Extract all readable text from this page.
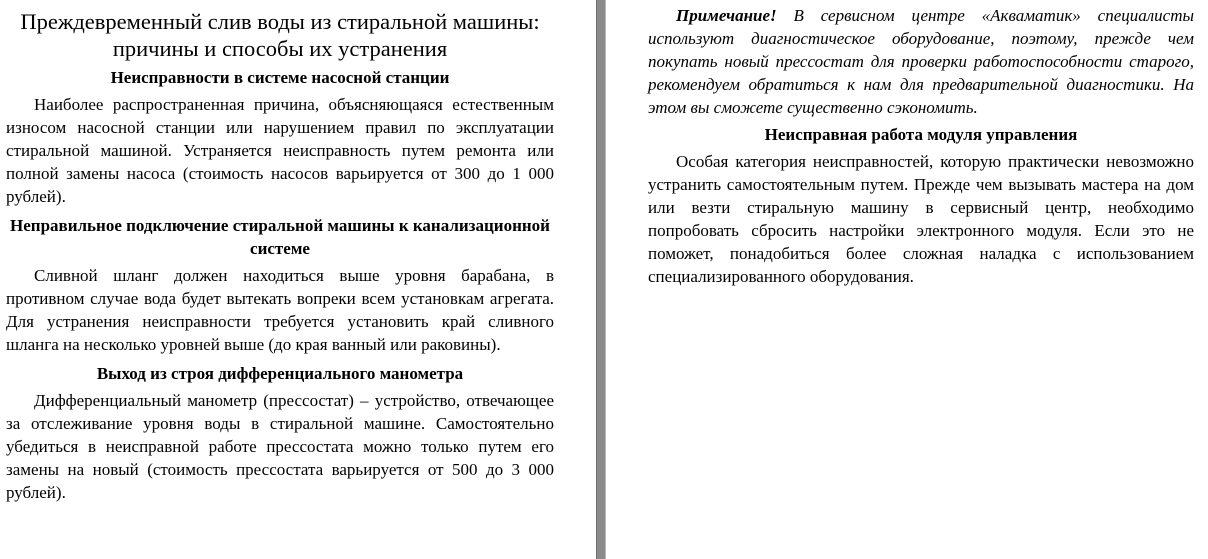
Преждевременный слив воды из стиральной машины: причины и способы их устранения
Неисправности в системе насосной станции

Наиболее распространенная причина, объясняющаяся естественным износом насосной станции или нарушением правил по эксплуатации стиральной машиной. Устраняется неисправность путем ремонта или полной замены насоса (стоимость насосов варьируется от 300 до 1 000 рублей).

Неправильное подключение стиральной машины к канализационной системе

Сливной шланг должен находиться выше уровня барабана, в противном случае вода будет вытекать вопреки всем установкам агрегата. Для устранения неисправности требуется установить край сливного шланга на несколько уровней выше (до края ванный или раковины).

Выход из строя дифференциального манометра

Дифференциальный манометр (прессостат) – устройство, отвечающее за отслеживание уровня воды в стиральной машине. Самостоятельно убедиться в неисправной работе прессостата можно только путем его замены на новый (стоимость прессостата варьируется от 500 до 3 000 рублей).

Примечание! В сервисном центре «Акваматик» специалисты используют диагностическое оборудование, поэтому, прежде чем покупать новый прессостат для проверки работоспособности старого, рекомендуем обратиться к нам для предварительной диагностики. На этом вы сможете существенно сэкономить.

Неисправная работа модуля управления

Особая категория неисправностей, которую практически невозможно устранить самостоятельным путем. Прежде чем вызывать мастера на дом или везти стиральную машину в сервисный центр, необходимо попробовать сбросить настройки электронного модуля. Если это не поможет, понадобиться более сложная наладка с использованием специализированного оборудования.
